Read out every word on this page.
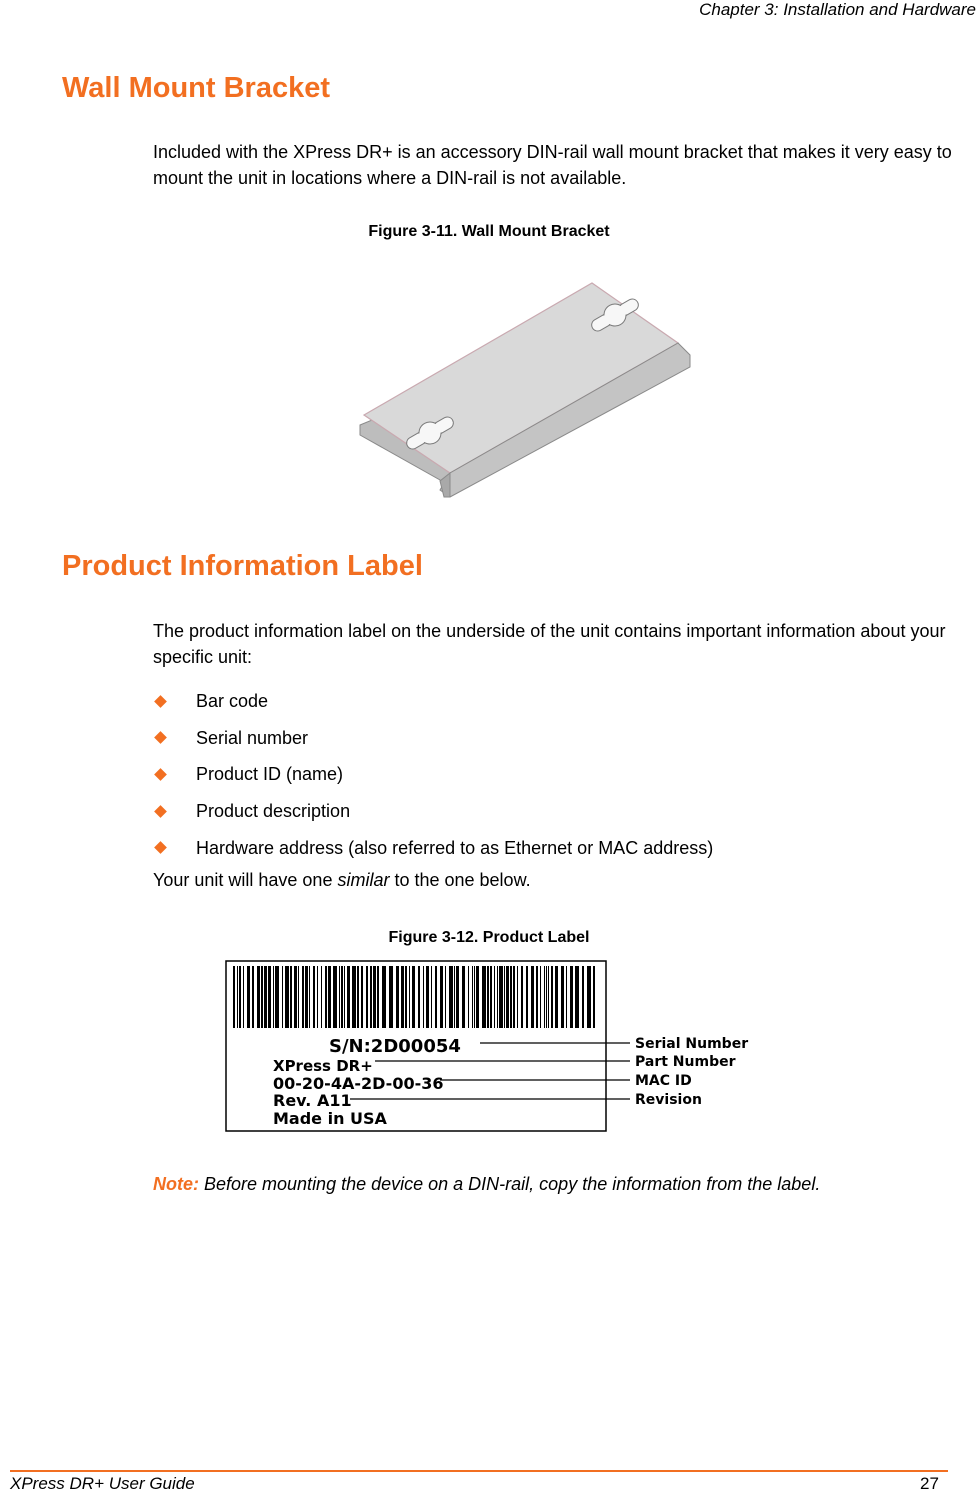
Chapter 3: Installation and Hardware
Wall Mount Bracket

Included with the XPress DR+ is an accessory DIN-rail wall mount bracket that makes it very easy to mount the unit in locations where a DIN-rail is not available.

Figure 3-11. Wall Mount Bracket
Product Information Label

The product information label on the underside of the unit contains important information about your specific unit:

Bar code
Serial number
Product ID (name)
Product description
Hardware address (also referred to as Ethernet or MAC address)

Your unit will have one similar to the one below.

Figure 3-12. Product Label
S/N:2D00054
XPress DR+
00-20-4A-2D-00-36
Rev. A11
Made in USA
Serial Number
Part Number
MAC ID
Revision

Note: Before mounting the device on a DIN-rail, copy the information from the label.

XPress DR+ User Guide	27
